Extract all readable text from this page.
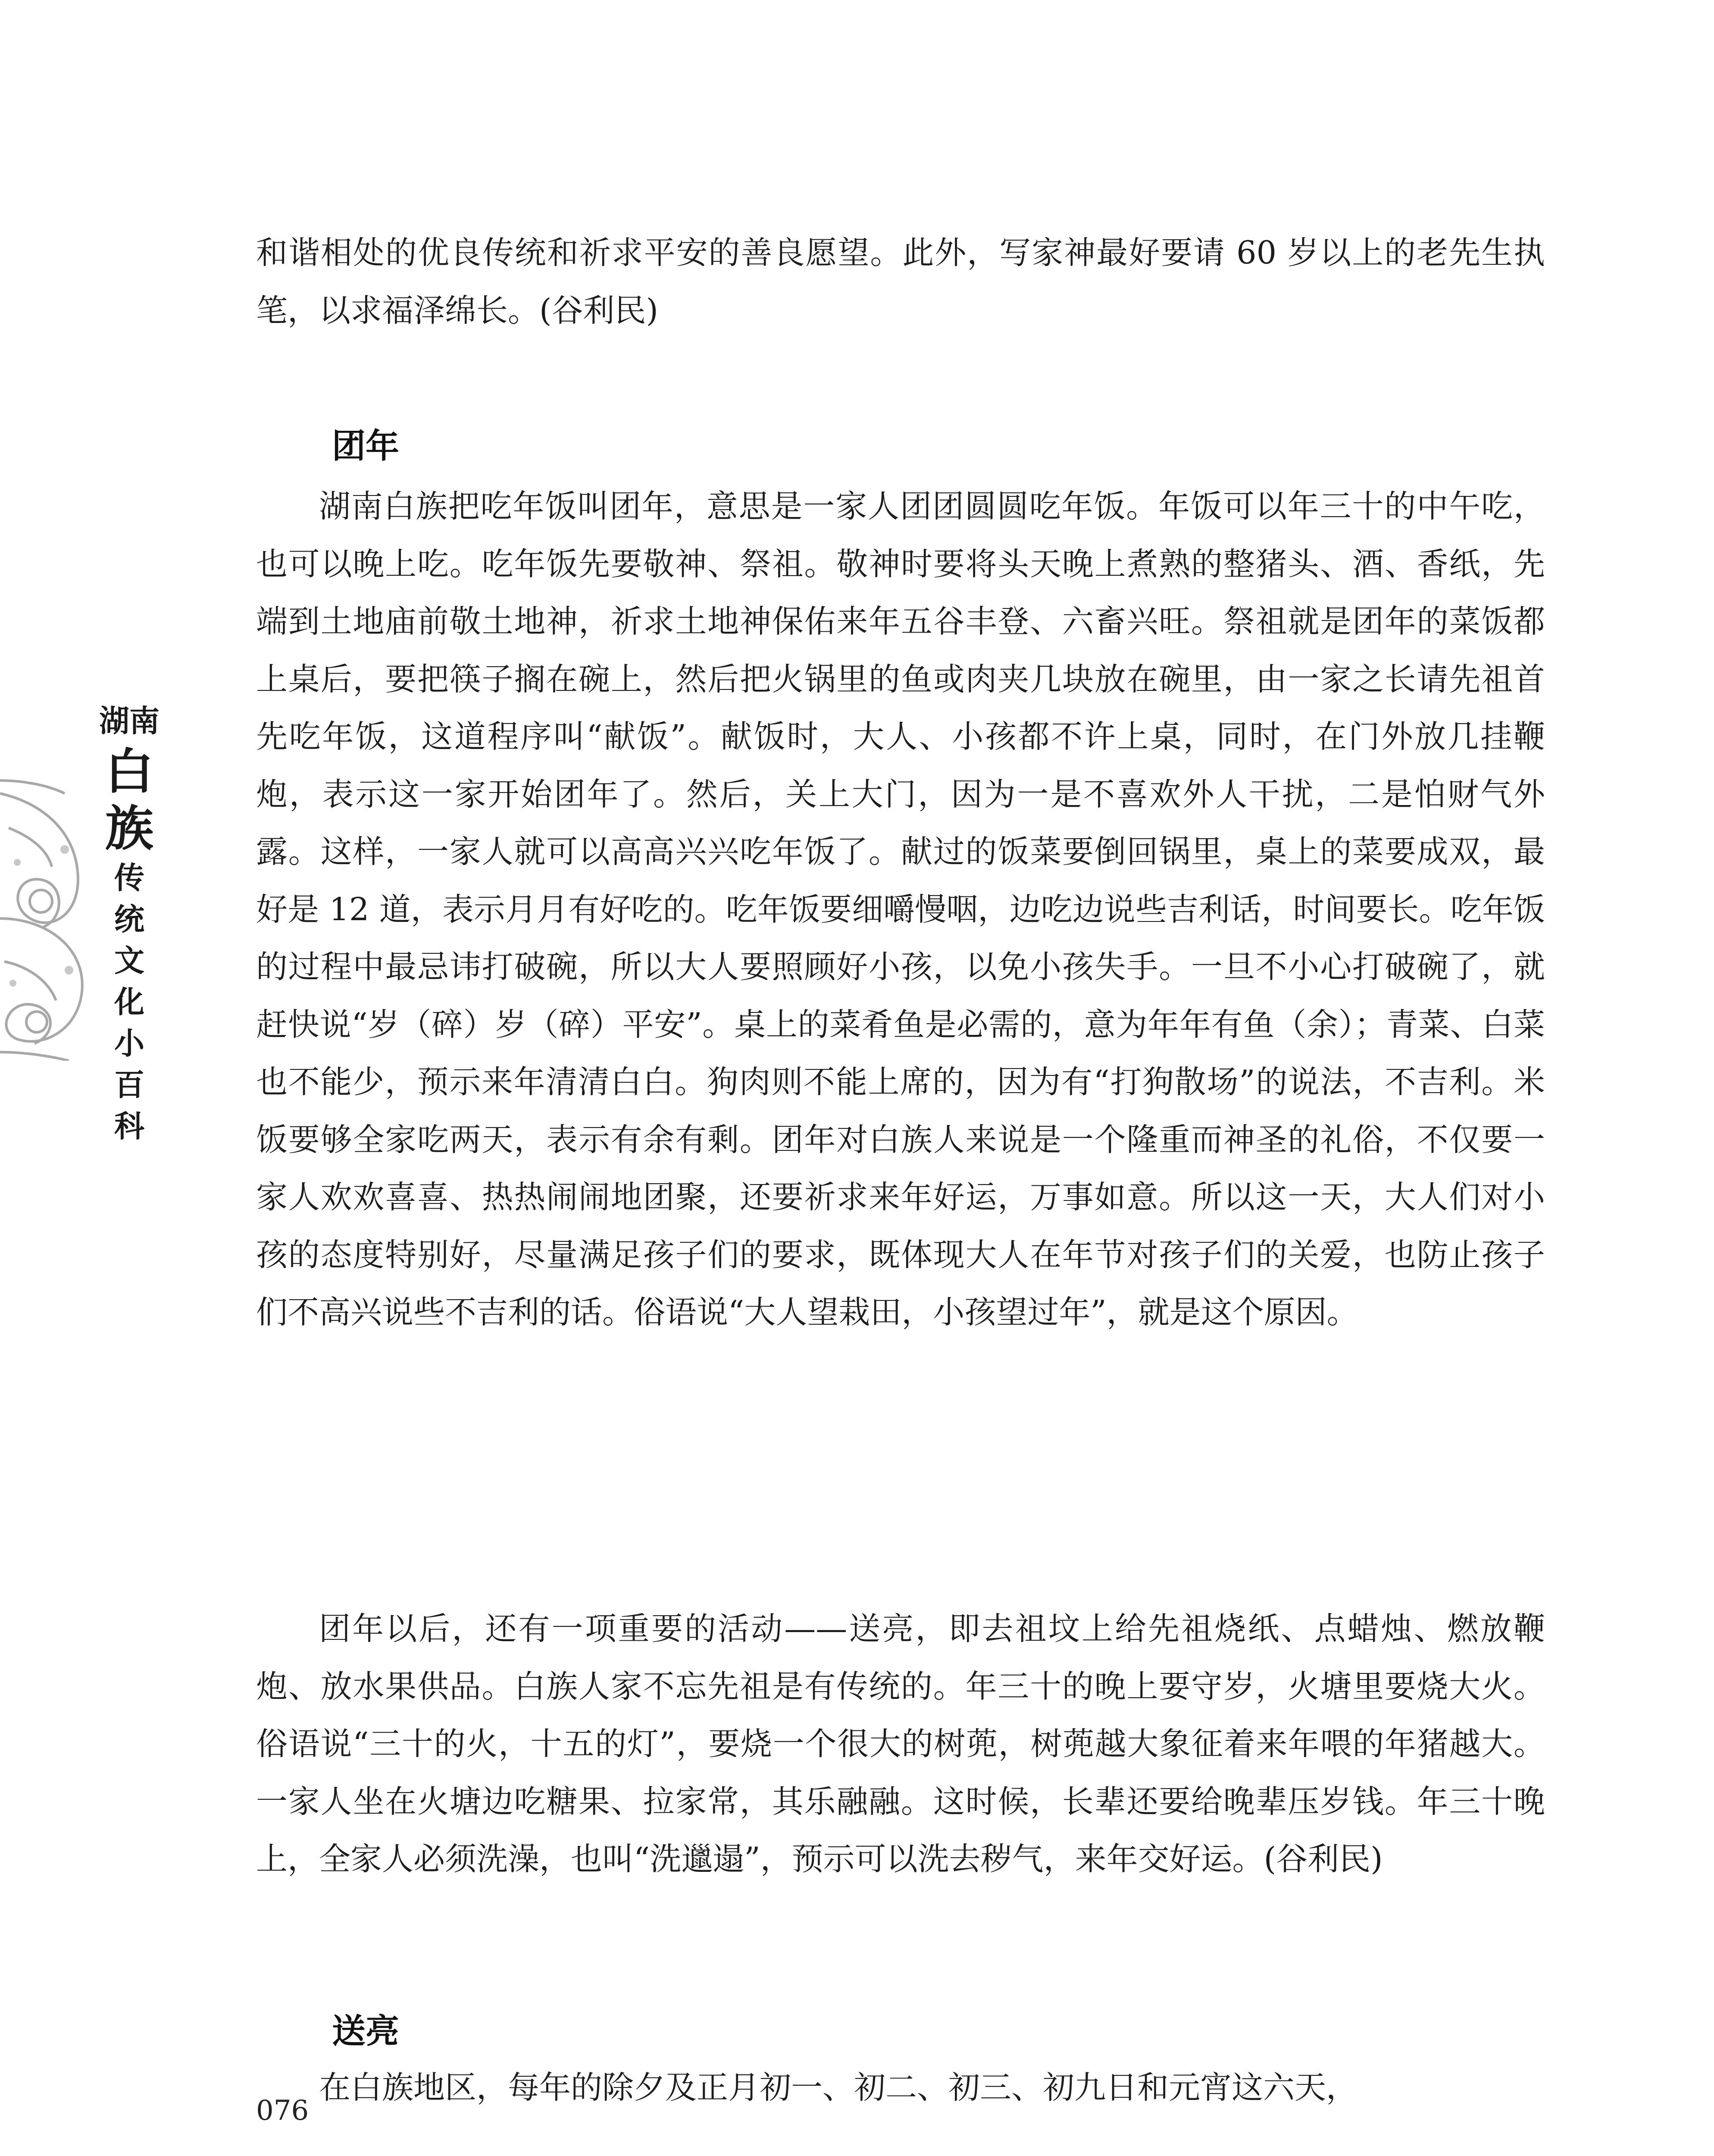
湖南
白族
传统文化小百科

和谐相处的优良传统和祈求平安的善良愿望。此外，写家神最好要请 60 岁以上的老先生执笔，以求福泽绵长。(谷利民)

团年

湖南白族把吃年饭叫团年，意思是一家人团团圆圆吃年饭。年饭可以年三十的中午吃，也可以晚上吃。吃年饭先要敬神、祭祖。敬神时要将头天晚上煮熟的整猪头、酒、香纸，先端到土地庙前敬土地神，祈求土地神保佑来年五谷丰登、六畜兴旺。祭祖就是团年的菜饭都上桌后，要把筷子搁在碗上，然后把火锅里的鱼或肉夹几块放在碗里，由一家之长请先祖首先吃年饭，这道程序叫“献饭”。献饭时，大人、小孩都不许上桌，同时，在门外放几挂鞭炮，表示这一家开始团年了。然后，关上大门，因为一是不喜欢外人干扰，二是怕财气外露。这样，一家人就可以高高兴兴吃年饭了。献过的饭菜要倒回锅里，桌上的菜要成双，最好是 12 道，表示月月有好吃的。吃年饭要细嚼慢咽，边吃边说些吉利话，时间要长。吃年饭的过程中最忌讳打破碗，所以大人要照顾好小孩，以免小孩失手。一旦不小心打破碗了，就赶快说“岁（碎）岁（碎）平安”。桌上的菜肴鱼是必需的，意为年年有鱼（余）；青菜、白菜也不能少，预示来年清清白白。狗肉则不能上席的，因为有“打狗散场”的说法，不吉利。米饭要够全家吃两天，表示有余有剩。团年对白族人来说是一个隆重而神圣的礼俗，不仅要一家人欢欢喜喜、热热闹闹地团聚，还要祈求来年好运，万事如意。所以这一天，大人们对小孩的态度特别好，尽量满足孩子们的要求，既体现大人在年节对孩子们的关爱，也防止孩子们不高兴说些不吉利的话。俗语说“大人望栽田，小孩望过年”，就是这个原因。

团年以后，还有一项重要的活动——送亮，即去祖坟上给先祖烧纸、点蜡烛、燃放鞭炮、放水果供品。白族人家不忘先祖是有传统的。年三十的晚上要守岁，火塘里要烧大火。俗语说“三十的火，十五的灯”，要烧一个很大的树蔸，树蔸越大象征着来年喂的年猪越大。一家人坐在火塘边吃糖果、拉家常，其乐融融。这时候，长辈还要给晚辈压岁钱。年三十晚上，全家人必须洗澡，也叫“洗邋遢”，预示可以洗去秽气，来年交好运。(谷利民)

送亮

在白族地区，每年的除夕及正月初一、初二、初三、初九日和元宵这六天，

076
